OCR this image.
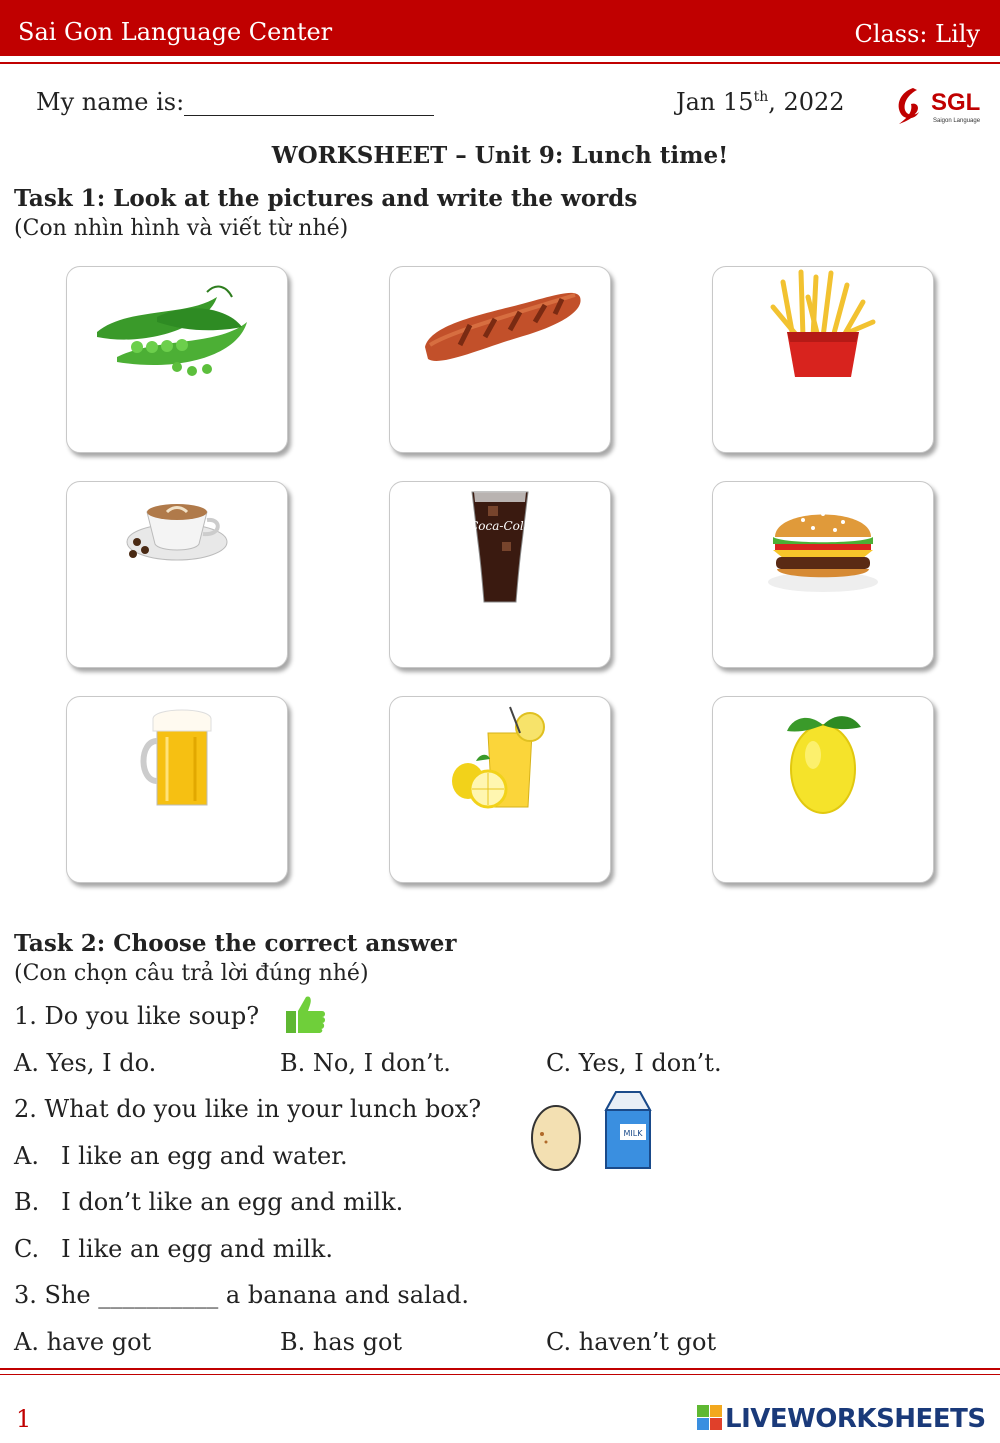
Sai Gon Language Center	Class: Lily
My name is:	Jan 15th, 2022	SGL
Saigon Language
WORKSHEET – Unit 9: Lunch time!
Task 1: Look at the pictures and write the words
(Con nhìn hình và viết từ nhé)
Coca-Cola
Task 2: Choose the correct answer
(Con chọn câu trả lời đúng nhé)
1. Do you like soup?
A. Yes, I do.	B. No, I don’t.	C. Yes, I don’t.
2. What do you like in your lunch box?
MILK
A. I like an egg and water.
B. I don’t like an egg and milk.
C. I like an egg and milk.
3. She __________ a banana and salad.
A. have got	B. has got	C. haven’t got
1	LIVEWORKSHEETS
